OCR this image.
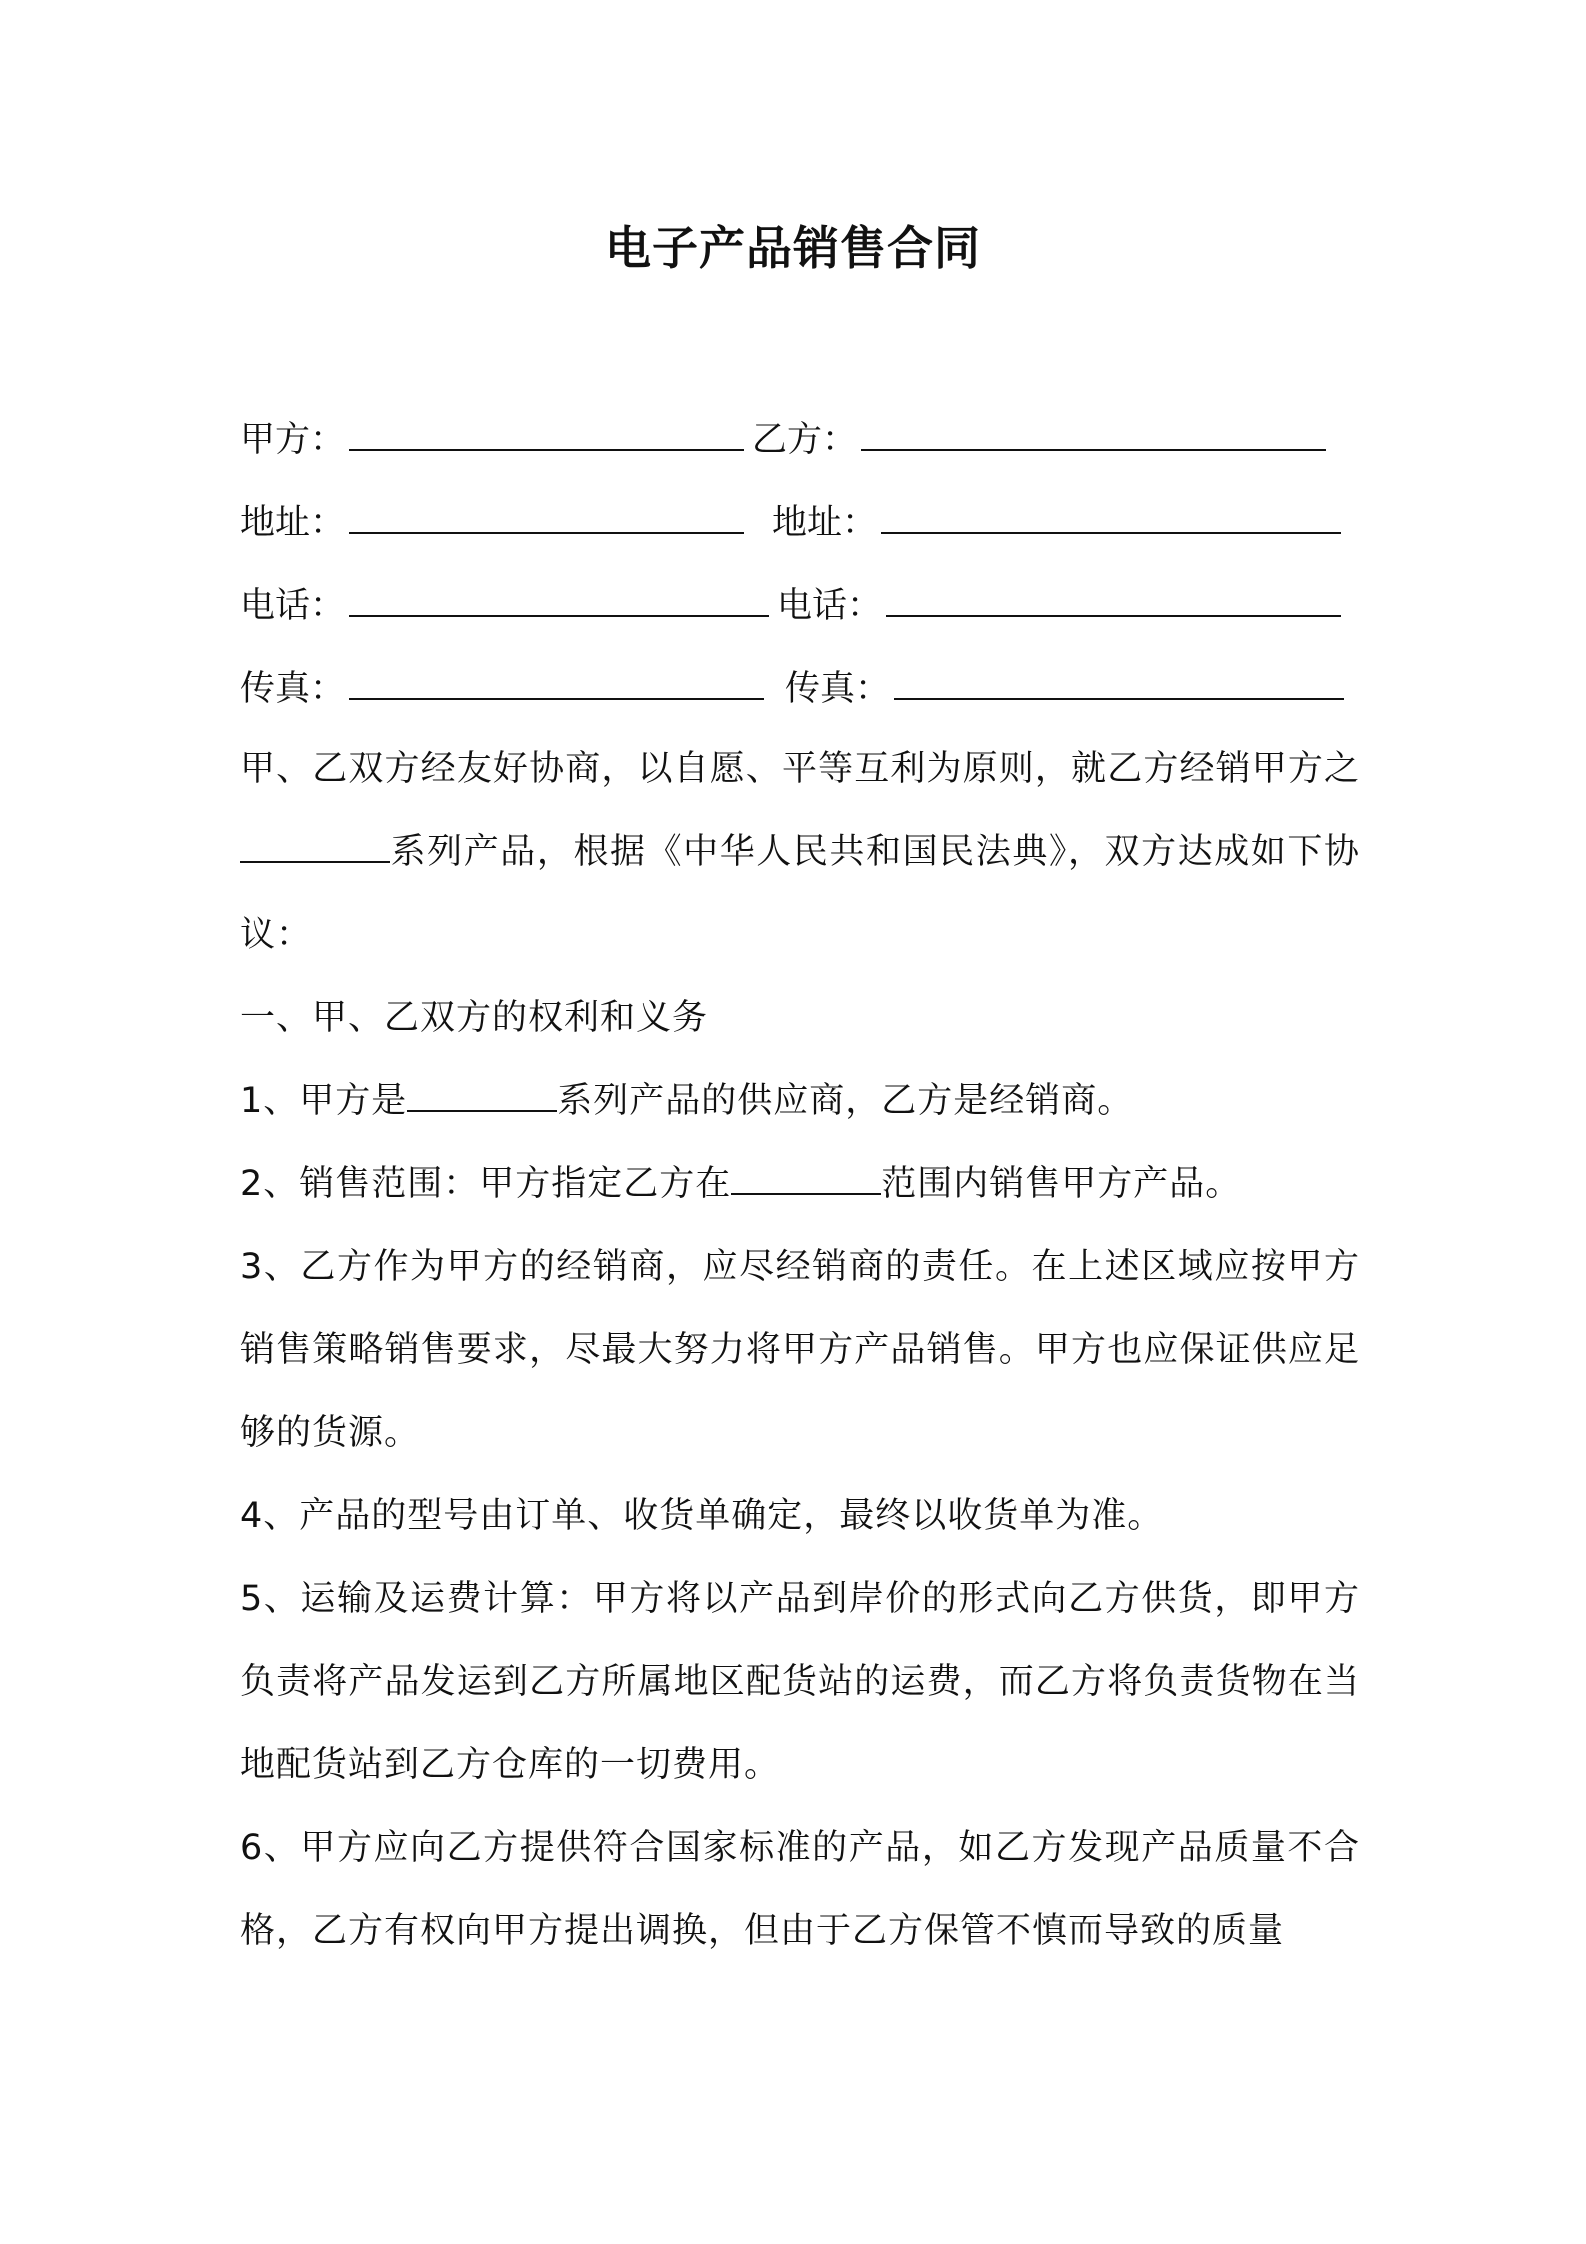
电子产品销售合同
甲方：	乙方：
地址：	地址：
电话：	电话：
传真：	传真：

甲、乙双方经友好协商，以自愿、平等互利为原则，就乙方经销甲方之系列产品，根据《中华人民共和国民法典》，双方达成如下协议：

一、甲、乙双方的权利和义务

1、甲方是	系列产品的供应商，乙方是经销商。

2、销售范围：甲方指定乙方在	范围内销售甲方产品。

3、乙方作为甲方的经销商，应尽经销商的责任。在上述区域应按甲方销售策略销售要求，尽最大努力将甲方产品销售。甲方也应保证供应足够的货源。

4、产品的型号由订单、收货单确定，最终以收货单为准。

5、运输及运费计算：甲方将以产品到岸价的形式向乙方供货，即甲方负责将产品发运到乙方所属地区配货站的运费，而乙方将负责货物在当地配货站到乙方仓库的一切费用。

6、甲方应向乙方提供符合国家标准的产品，如乙方发现产品质量不合格，乙方有权向甲方提出调换，但由于乙方保管不慎而导致的质量
